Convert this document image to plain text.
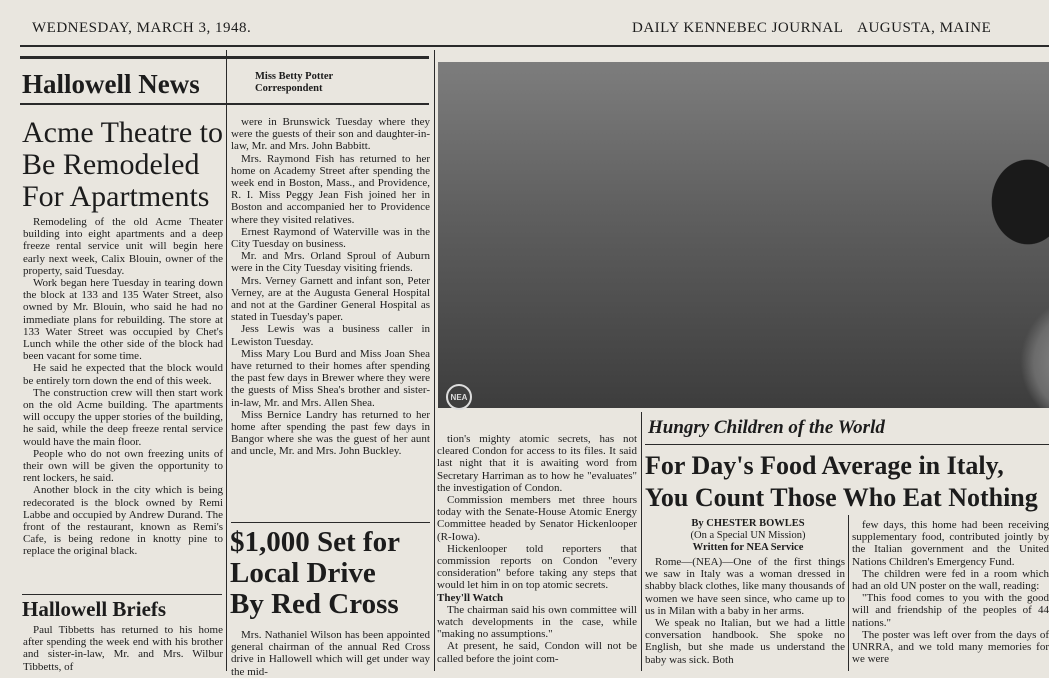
WEDNESDAY, MARCH 3, 1948.	DAILY KENNEBEC JOURNAL AUGUSTA, MAINE
Hallowell News	Miss Betty Potter
Correspondent
Acme Theatre to
Be Remodeled
For Apartments

Remodeling of the old Acme Theater building into eight apartments and a deep freeze rental service unit will begin here early next week, Calix Blouin, owner of the property, said Tuesday.

Work began here Tuesday in tearing down the block at 133 and 135 Water Street, also owned by Mr. Blouin, who said he had no immediate plans for rebuilding. The store at 133 Water Street was occupied by Chet's Lunch while the other side of the block had been vacant for some time.

He said he expected that the block would be entirely torn down the end of this week.

The construction crew will then start work on the old Acme building. The apartments will occupy the upper stories of the building, he said, while the deep freeze rental service would have the main floor.

People who do not own freezing units of their own will be given the opportunity to rent lockers, he said.

Another block in the city which is being redecorated is the block owned by Remi Labbe and occupied by Andrew Durand. The front of the restaurant, known as Remi's Cafe, is being redone in knotty pine to replace the original black.

Hallowell Briefs

Paul Tibbetts has returned to his home after spending the week end with his brother and sister-in-law, Mr. and Mrs. Wilbur Tibbetts, of

were in Brunswick Tuesday where they were the guests of their son and daughter-in-law, Mr. and Mrs. John Babbitt.

Mrs. Raymond Fish has returned to her home on Academy Street after spending the week end in Boston, Mass., and Providence, R. I. Miss Peggy Jean Fish joined her in Boston and accompanied her to Providence where they visited relatives.

Ernest Raymond of Waterville was in the City Tuesday on business.

Mr. and Mrs. Orland Sproul of Auburn were in the City Tuesday visiting friends.

Mrs. Verney Garnett and infant son, Peter Verney, are at the Augusta General Hospital and not at the Gardiner General Hospital as stated in Tuesday's paper.

Jess Lewis was a business caller in Lewiston Tuesday.

Miss Mary Lou Burd and Miss Joan Shea have returned to their homes after spending the past few days in Brewer where they were the guests of Miss Shea's brother and sister-in-law, Mr. and Mrs. Allen Shea.

Miss Bernice Landry has returned to her home after spending the past few days in Bangor where she was the guest of her aunt and uncle, Mr. and Mrs. John Buckley.

$1,000 Set for
Local Drive
By Red Cross

Mrs. Nathaniel Wilson has been appointed general chairman of the annual Red Cross drive in Hallowell which will get under way the mid-

NEA

tion's mighty atomic secrets, has not cleared Condon for access to its files. It said last night that it is awaiting word from Secretary Harriman as to how he "evaluates" the investigation of Condon.

Commission members met three hours today with the Senate-House Atomic Energy Committee headed by Senator Hickenlooper (R-Iowa).

Hickenlooper told reporters that commission reports on Condon "every consideration" before taking any steps that would let him in on top atomic secrets.

They'll Watch

The chairman said his own committee will watch developments in the case, while "making no assumptions."

At present, he said, Condon will not be called before the joint com-

Hungry Children of the World
For Day's Food Average in Italy,
You Count Those Who Eat Nothing
By CHESTER BOWLES
(On a Special UN Mission)
Written for NEA Service

Rome—(NEA)—One of the first things we saw in Italy was a woman dressed in shabby black clothes, like many thousands of women we have seen since, who came up to us in Milan with a baby in her arms.

We speak no Italian, but we had a little conversation handbook. She spoke no English, but she made us understand the baby was sick. Both

few days, this home had been receiving supplementary food, contributed jointly by the Italian government and the United Nations Children's Emergency Fund.

The children were fed in a room which had an old UN poster on the wall, reading:

"This food comes to you with the good will and friendship of the peoples of 44 nations."

The poster was left over from the days of UNRRA, and we told many memories for we were
